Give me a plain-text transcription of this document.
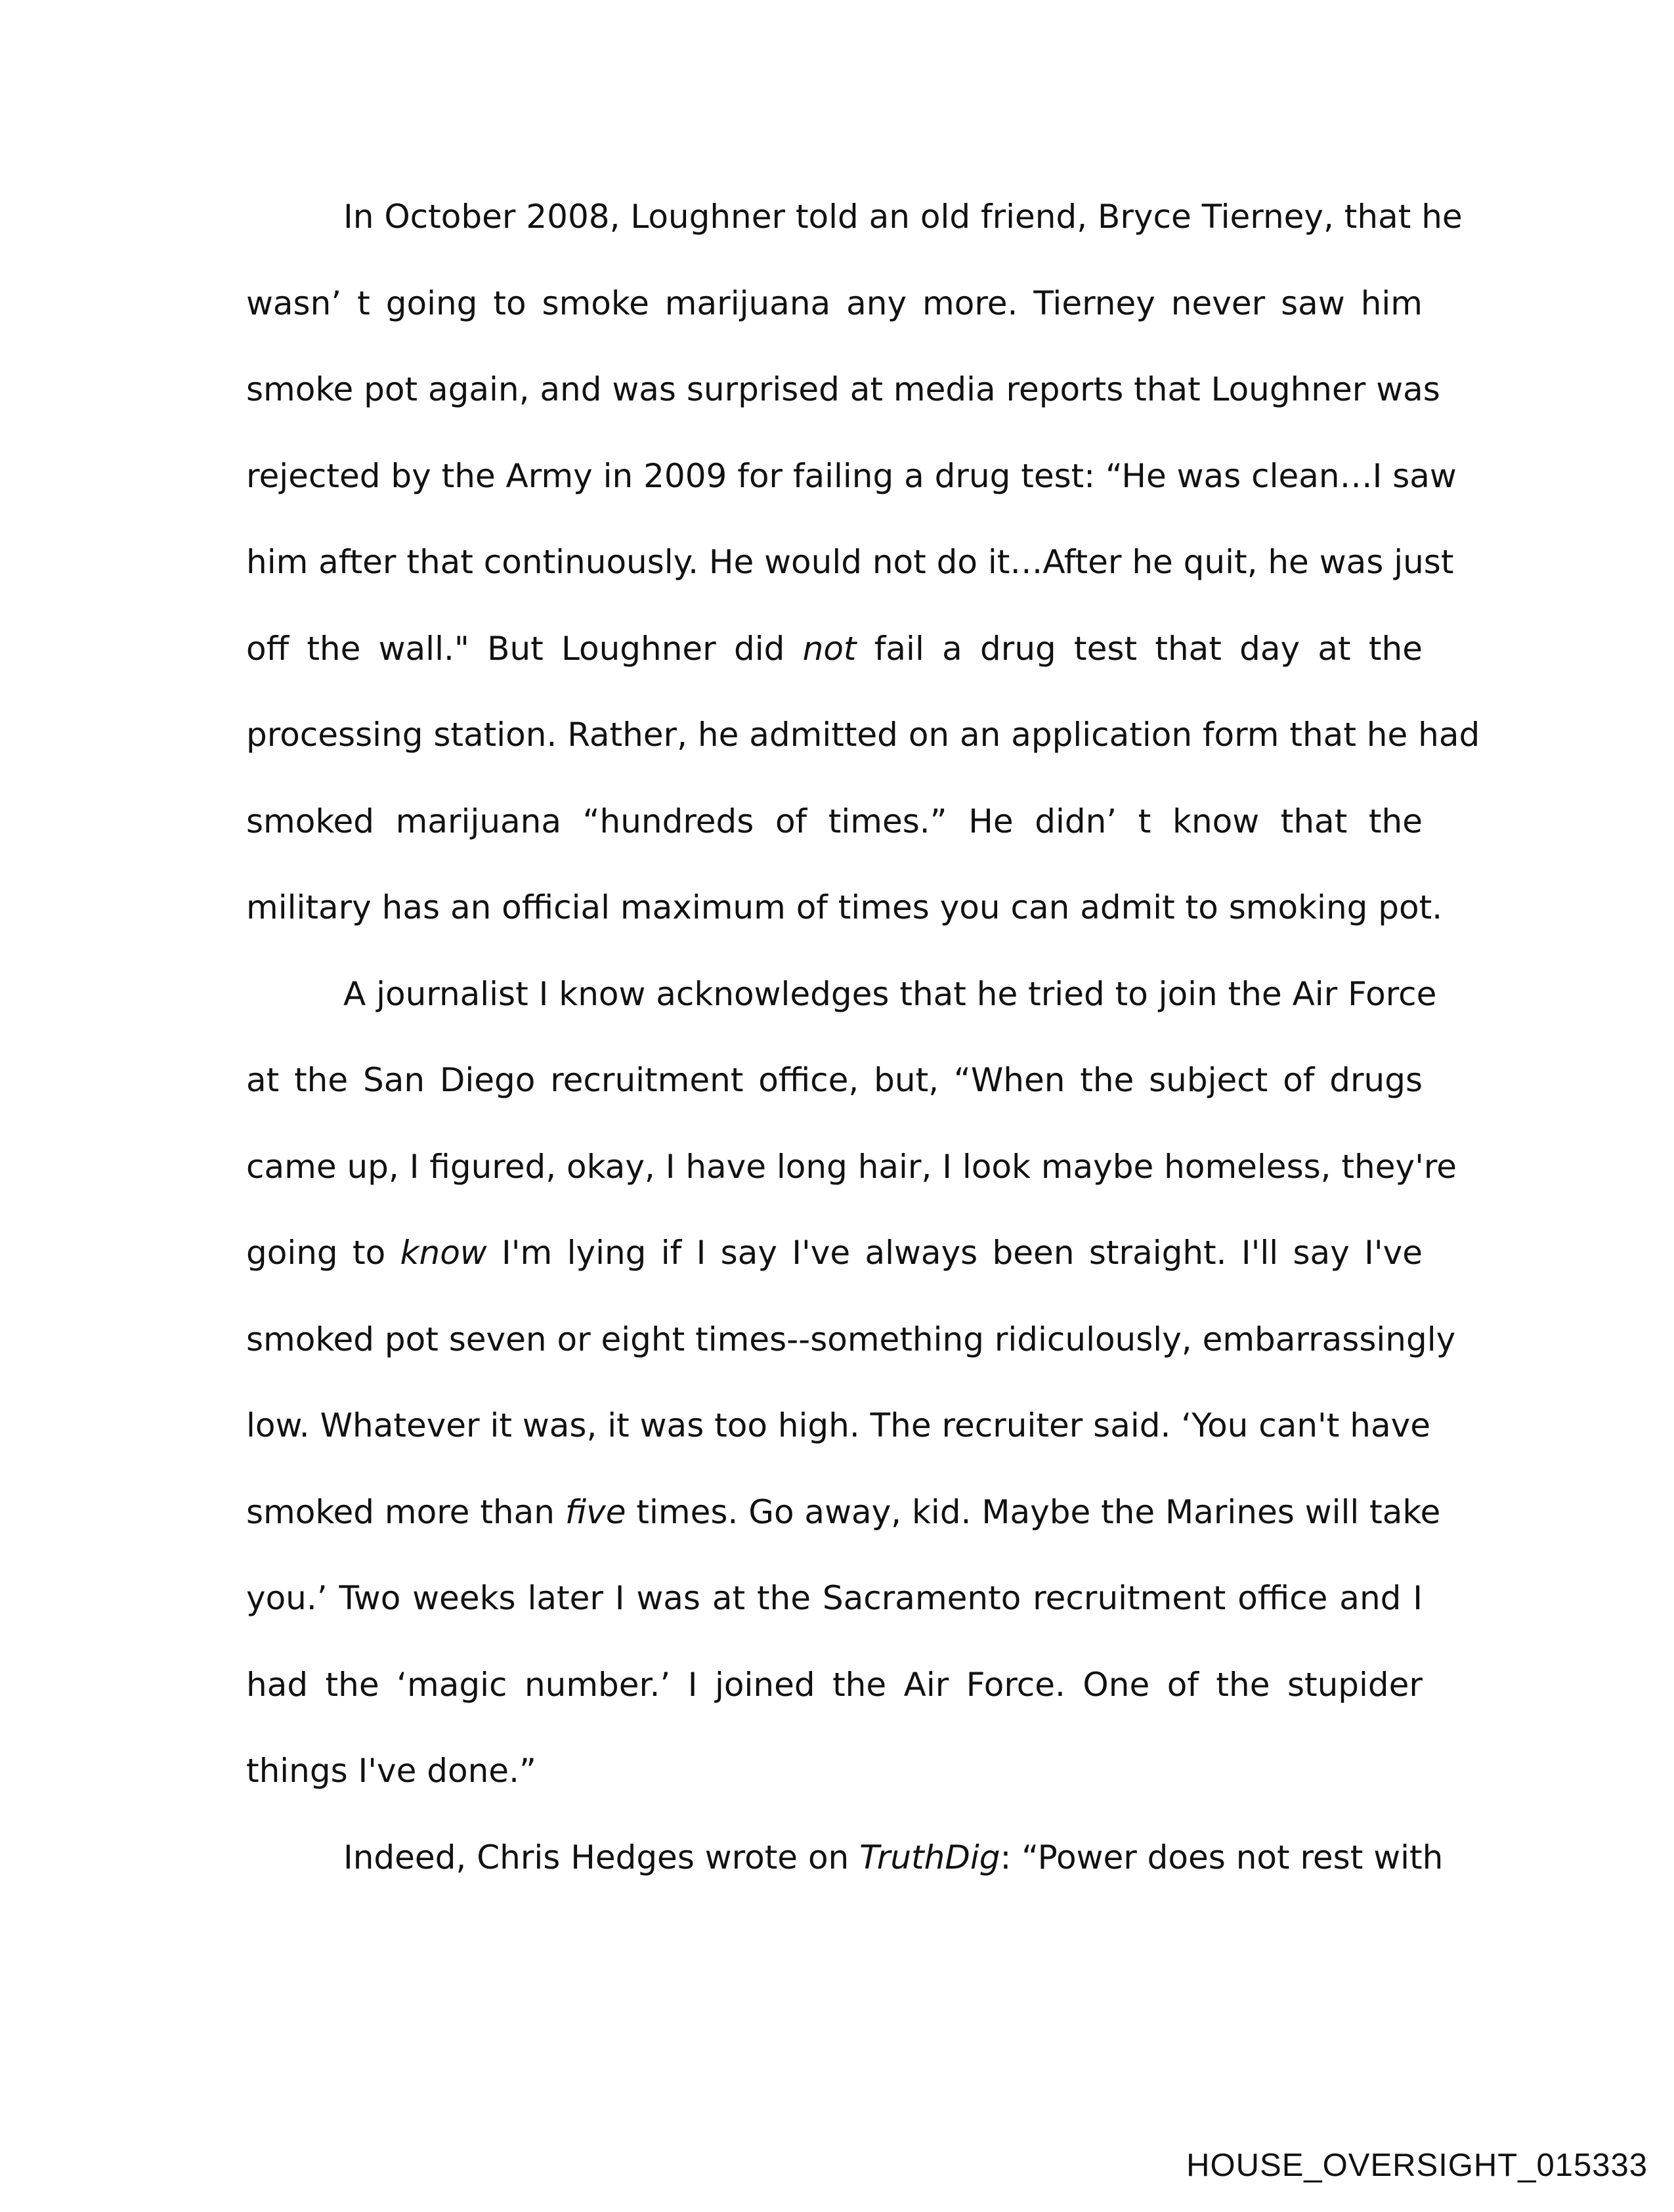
In October 2008, Loughner told an old friend, Bryce Tierney, that he
wasn’ t going to smoke marijuana any more. Tierney never saw him
smoke pot again, and was surprised at media reports that Loughner was
rejected by the Army in 2009 for failing a drug test: “He was clean…I saw
him after that continuously. He would not do it…After he quit, he was just
off the wall." But Loughner did not fail a drug test that day at the
processing station. Rather, he admitted on an application form that he had
smoked marijuana “hundreds of times.” He didn’ t know that the
military has an official maximum of times you can admit to smoking pot.
A journalist I know acknowledges that he tried to join the Air Force
at the San Diego recruitment office, but, “When the subject of drugs
came up, I figured, okay, I have long hair, I look maybe homeless, they're
going to know I'm lying if I say I've always been straight. I'll say I've
smoked pot seven or eight times--something ridiculously, embarrassingly
low. Whatever it was, it was too high. The recruiter said. ‘You can't have
smoked more than five times. Go away, kid. Maybe the Marines will take
you.’ Two weeks later I was at the Sacramento recruitment office and I
had the ‘magic number.’ I joined the Air Force. One of the stupider
things I've done.”
Indeed, Chris Hedges wrote on TruthDig: “Power does not rest with
HOUSE_OVERSIGHT_015333
